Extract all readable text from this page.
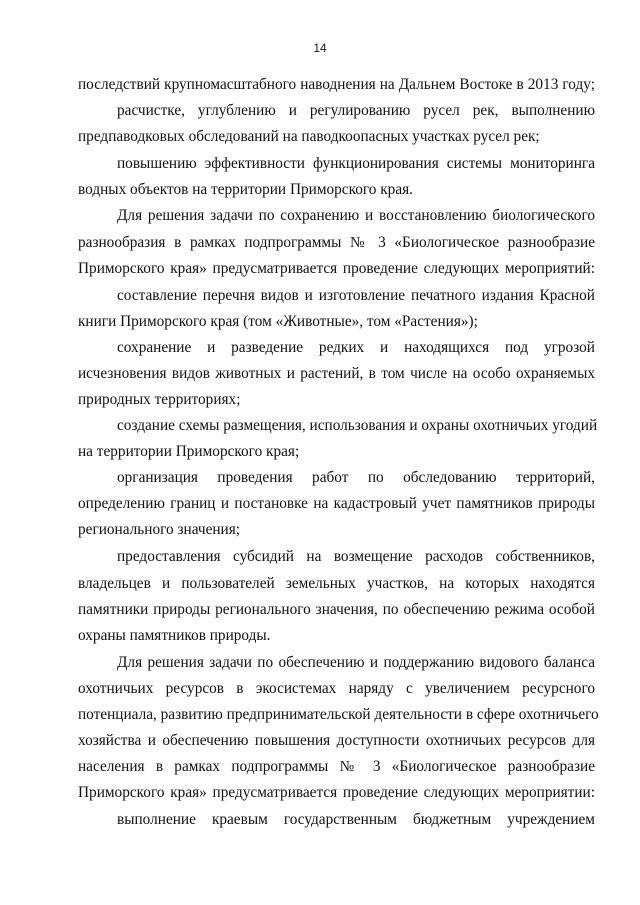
14
последствий крупномасштабного наводнения на Дальнем Востоке в 2013 году;
расчистке, углублению и регулированию русел рек, выполнению
предпаводковых обследований на паводкоопасных участках русел рек;
повышению эффективности функционирования системы мониторинга
водных объектов на территории Приморского края.
Для решения задачи по сохранению и восстановлению биологического
разнообразия в рамках подпрограммы № 3 «Биологическое разнообразие
Приморского края» предусматривается проведение следующих мероприятий:
составление перечня видов и изготовление печатного издания Красной
книги Приморского края (том «Животные», том «Растения»);
сохранение и разведение редких и находящихся под угрозой
исчезновения видов животных и растений, в том числе на особо охраняемых
природных территориях;
создание схемы размещения, использования и охраны охотничьих угодий
на территории Приморского края;
организация проведения работ по обследованию территорий,
определению границ и постановке на кадастровый учет памятников природы
регионального значения;
предоставления субсидий на возмещение расходов собственников,
владельцев и пользователей земельных участков, на которых находятся
памятники природы регионального значения, по обеспечению режима особой
охраны памятников природы.
Для решения задачи по обеспечению и поддержанию видового баланса
охотничьих ресурсов в экосистемах наряду с увеличением ресурсного
потенциала, развитию предпринимательской деятельности в сфере охотничьего
хозяйства и обеспечению повышения доступности охотничьих ресурсов для
населения в рамках подпрограммы № 3 «Биологическое разнообразие
Приморского края» предусматривается проведение следующих мероприятии:
выполнение краевым государственным бюджетным учреждением
